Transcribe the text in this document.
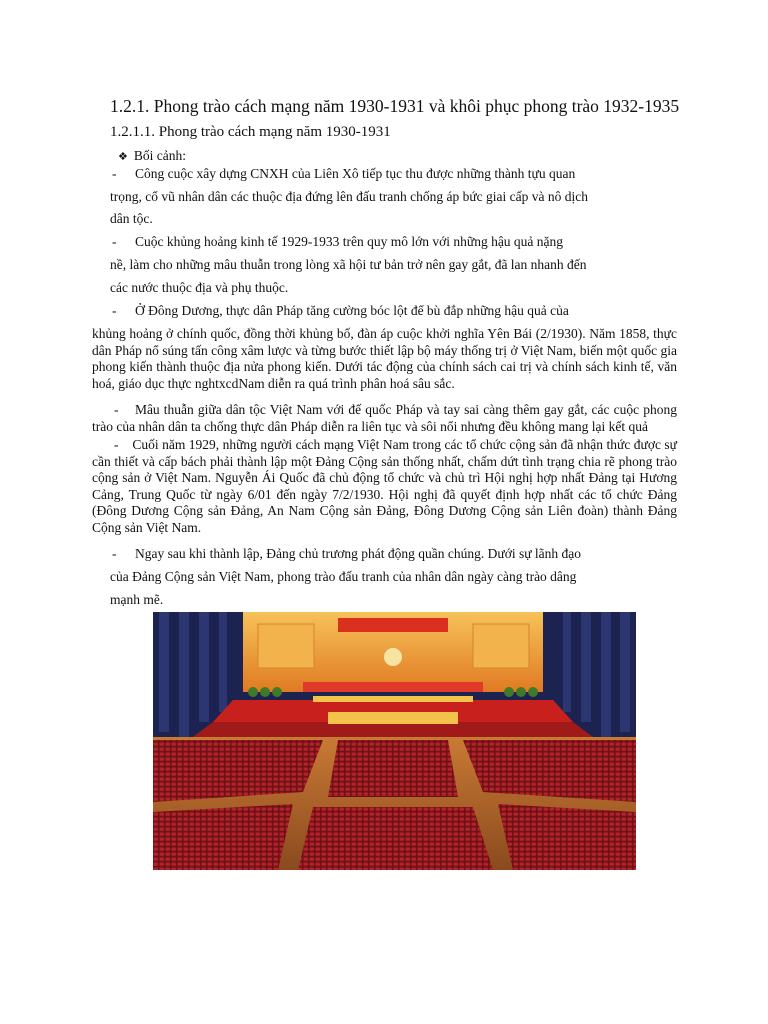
1.2.1. Phong trào cách mạng năm 1930-1931 và khôi phục phong trào 1932-1935
1.2.1.1. Phong trào cách mạng năm 1930-1931
❖ Bối cảnh:
- Công cuộc xây dựng CNXH của Liên Xô tiếp tục thu được những thành tựu quan
trọng, cổ vũ nhân dân các thuộc địa đứng lên đấu tranh chống áp bức giai cấp và nô dịch
dân tộc.
- Cuộc khủng hoảng kinh tế 1929-1933 trên quy mô lớn với những hậu quả nặng
nề, làm cho những mâu thuẫn trong lòng xã hội tư bản trở nên gay gắt, đã lan nhanh đến
các nước thuộc địa và phụ thuộc.
- Ở Đông Dương, thực dân Pháp tăng cường bóc lột để bù đắp những hậu quả của
khủng hoảng ở chính quốc, đồng thời khủng bố, đàn áp cuộc khởi nghĩa Yên Bái (2/1930). Năm 1858, thực dân Pháp nổ súng tấn công xâm lược và từng bước thiết lập bộ máy thống trị ở Việt Nam, biến một quốc gia phong kiến thành thuộc địa nửa phong kiến. Dưới tác động của chính sách cai trị và chính sách kinh tế, văn hoá, giáo dục thực nghtxcdNam diễn ra quá trình phân hoá sâu sắc.
- Mâu thuẫn giữa dân tộc Việt Nam với đế quốc Pháp và tay sai càng thêm gay gắt, các cuộc phong trào của nhân dân ta chống thực dân Pháp diễn ra liên tục và sôi nổi nhưng đều không mang lại kết quả
- Cuối năm 1929, những người cách mạng Việt Nam trong các tổ chức cộng sản đã nhận thức được sự cần thiết và cấp bách phải thành lập một Đảng Cộng sản thống nhất, chấm dứt tình trạng chia rẽ phong trào cộng sản ở Việt Nam. Nguyễn Ái Quốc đã chủ động tổ chức và chủ trì Hội nghị hợp nhất Đảng tại Hương Cảng, Trung Quốc từ ngày 6/01 đến ngày 7/2/1930. Hội nghị đã quyết định hợp nhất các tổ chức Đảng (Đông Dương Cộng sản Đảng, An Nam Cộng sản Đảng, Đông Dương Cộng sản Liên đoàn) thành Đảng Cộng sản Việt Nam.
- Ngay sau khi thành lập, Đảng chủ trương phát động quần chúng. Dưới sự lãnh đạo
của Đảng Cộng sản Việt Nam, phong trào đấu tranh của nhân dân ngày càng trào dâng
mạnh mẽ.
